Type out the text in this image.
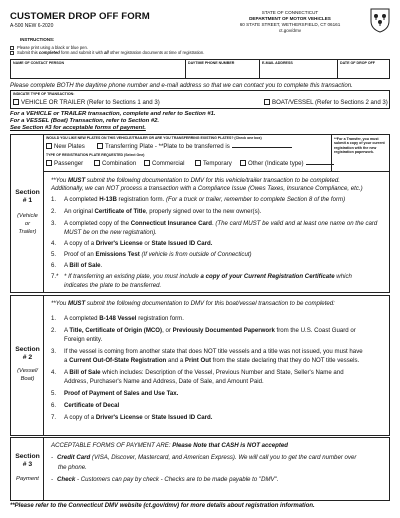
CUSTOMER DROP OFF FORM
A-500 NEW 6-2020
STATE OF CONNECTICUT
DEPARTMENT OF MOTOR VEHICLES
60 STATE STREET, WETHERSFIELD, CT 06161
ct.gov/dmv
INSTRUCTIONS:
Please print using a black or blue pen.
Submit this completed form and submit it with all other registration documents at time of registration.
NAME OF CONTACT PERSON	DAYTIME PHONE NUMBER	E-MAIL ADDRESS	DATE OF DROP OFF
Please complete BOTH the daytime phone number and e-mail address so that we can contact you to complete this transaction.
INDICATE TYPE OF TRANSACTION:
VEHICLE OR TRAILER (Refer to Sections 1 and 3)	BOAT/VESSEL (Refer to Sections 2 and 3)
For a VEHICLE or TRAILER transaction, complete and refer to Section #1.
For a VESSEL (Boat) Transaction, refer to Section #2.
See Section #3 for acceptable forms of payment.
Section
# 1
(Vehicle
or
Trailer)
WOULD YOU LIKE NEW PLATES ON THIS VEHICLE/TRAILER OR ARE YOU TRANSFERRING EXISTING PLATES? (Check one box)
New Plates	Transferring Plate - **Plate to be transferred is
TYPE OF REGISTRATION PLATE REQUESTED (Select One)
Passenger	Combination	Commercial	Temporary	Other (Indicate type)
**For a Transfer, you must submit a copy of your current registration with the new registration paperwork.
**You MUST submit the following documentation to DMV for this vehicle/trailer transaction to be completed.
Additionally, we can NOT process a transaction with a Compliance Issue (Owes Taxes, Insurance Compliance, etc.)
1. A completed H-13B registration form. (For a truck or trailer, remember to complete Section 8 of the form)
2. An original Certificate of Title, properly signed over to the new owner(s).
3. A completed copy of the Connecticut Insurance Card. (The card MUST be valid and at least one name on the card
MUST be on the new registration).
4. A copy of a Driver's License or State Issued ID Card.
5. Proof of an Emissions Test (If vehicle is from outside of Connecticut)
6. A Bill of Sale.
7.* * If transferring an existing plate, you must include a copy of your Current Registration Certificate which
indicates the plate to be transferred.
Section
# 2
(Vessel/
Boat)
**You MUST submit the following documentation to DMV for this boat/vessel transaction to be completed:
1. A completed B-148 Vessel registration form.
2. A Title, Certificate of Origin (MCO), or Previously Documented Paperwork from the U.S. Coast Guard or
Foreign entity.
3. If the vessel is coming from another state that does NOT title vessels and a title was not issued, you must have
a Current Out-Of-State Registration and a Print Out from the state declaring that they do NOT title vessels.
4. A Bill of Sale which includes: Description of the Vessel, Previous Number and State, Seller's Name and
Address, Purchaser's Name and Address, Date of Sale, and Amount Paid.
5. Proof of Payment of Sales and Use Tax.
6. Certificate of Decal
7. A copy of a Driver's License or State Issued ID Card.
Section
# 3
Payment
ACCEPTABLE FORMS OF PAYMENT ARE: Please Note that CASH is NOT accepted
- Credit Card (VISA, Discover, Mastercard, and American Express). We will call you to get the card number over
the phone.
- Check - Customers can pay by check - Checks are to be made payable to "DMV".
**Please refer to the Connecticut DMV website (ct.gov/dmv) for more details about registration information.
